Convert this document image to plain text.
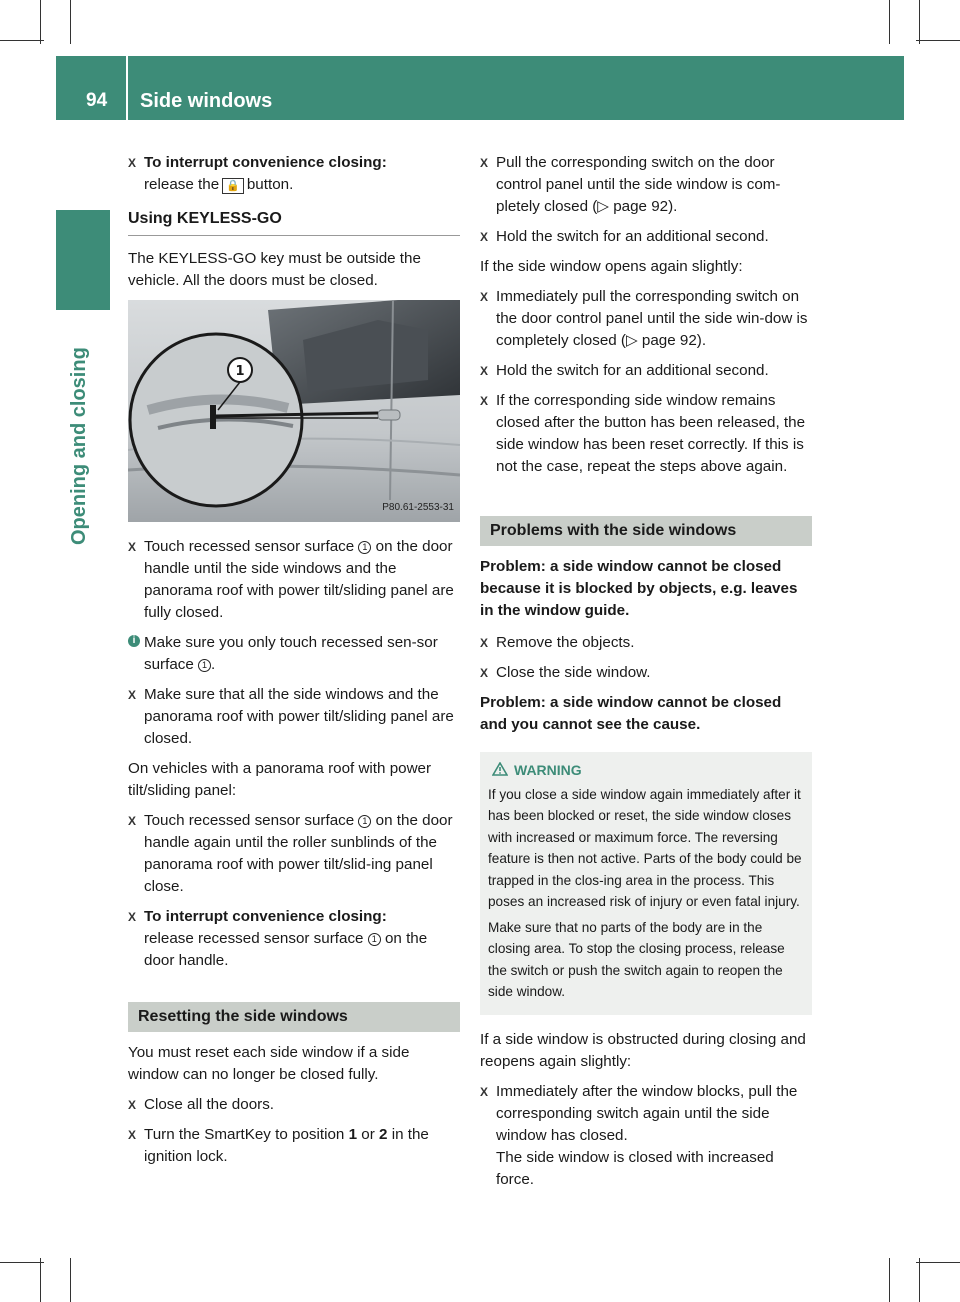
94 Side windows
Opening and closing
X To interrupt convenience closing:
release the 🔒 button.
Using KEYLESS-GO

The KEYLESS-GO key must be outside the vehicle. All the doors must be closed.

1
P80.61-2553-31
X Touch recessed sensor surface 1 on the door handle until the side windows and the panorama roof with power tilt/sliding panel are fully closed.
i Make sure you only touch recessed sen-sor surface 1 .
X Make sure that all the side windows and the panorama roof with power tilt/sliding panel are closed.

On vehicles with a panorama roof with power tilt/sliding panel:

X Touch recessed sensor surface 1 on the door handle again until the roller sunblinds of the panorama roof with power tilt/slid-ing panel close.
X To interrupt convenience closing:
release recessed sensor surface 1 on the door handle.
Resetting the side windows

You must reset each side window if a side window can no longer be closed fully.

X Close all the doors.
X Turn the SmartKey to position 1 or 2 in the ignition lock.
X Pull the corresponding switch on the door control panel until the side window is com-pletely closed (▷ page 92).
X Hold the switch for an additional second.

If the side window opens again slightly:

X Immediately pull the corresponding switch on the door control panel until the side win-dow is completely closed (▷ page 92).
X Hold the switch for an additional second.
X If the corresponding side window remains closed after the button has been released, the side window has been reset correctly. If this is not the case, repeat the steps above again.
Problems with the side windows
Problem: a side window cannot be closed because it is blocked by objects, e.g. leaves in the window guide.
X Remove the objects.
X Close the side window.
Problem: a side window cannot be closed and you cannot see the cause.
WARNING

If you close a side window again immediately after it has been blocked or reset, the side window closes with increased or maximum force. The reversing feature is then not active. Parts of the body could be trapped in the clos-ing area in the process. This poses an increased risk of injury or even fatal injury.

Make sure that no parts of the body are in the closing area. To stop the closing process, release the switch or push the switch again to reopen the side window.

If a side window is obstructed during closing and reopens again slightly:

X Immediately after the window blocks, pull the corresponding switch again until the side window has closed.
The side window is closed with increased force.
